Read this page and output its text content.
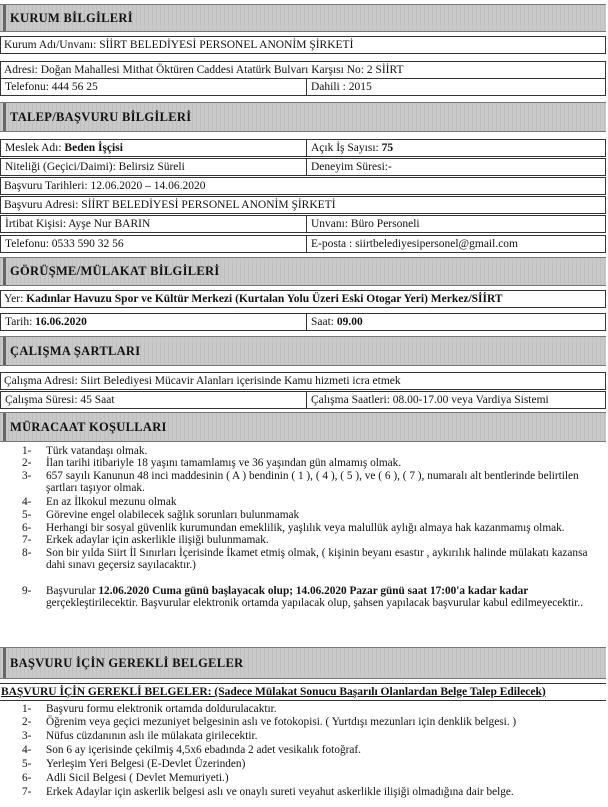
KURUM BİLGİLERİ
Kurum Adı/Unvanı: SİİRT BELEDİYESİ PERSONEL ANONİM ŞİRKETİ
Adresi: Doğan Mahallesi Mithat Öktüren Caddesi Atatürk Bulvarı Karşısı No: 2 SİİRT
Telefonu: 444 56 25	Dahili : 2015
TALEP/BAŞVURU BİLGİLERİ
Meslek Adı: Beden İşçisi	Açık İş Sayısı: 75
Niteliği (Geçici/Daimi): Belirsiz Süreli	Deneyim Süresi:-
Başvuru Tarihleri: 12.06.2020 – 14.06.2020
Başvuru Adresi: SİİRT BELEDİYESİ PERSONEL ANONİM ŞİRKETİ
İrtibat Kişisi: Ayşe Nur BARIN	Unvanı: Büro Personeli
Telefonu: 0533 590 32 56	E-posta : siirtbelediyesipersonel@gmail.com
GÖRÜŞME/MÜLAKAT BİLGİLERİ
Yer: Kadınlar Havuzu Spor ve Kültür Merkezi (Kurtalan Yolu Üzeri Eski Otogar Yeri) Merkez/SİİRT
Tarih: 16.06.2020	Saat: 09.00
ÇALIŞMA ŞARTLARI
Çalışma Adresi: Siirt Belediyesi Mücavir Alanları içerisinde Kamu hizmeti icra etmek
Çalışma Süresi: 45 Saat	Çalışma Saatleri: 08.00-17.00 veya Vardiya Sistemi
MÜRACAAT KOŞULLARI
1- Türk vatandaşı olmak.
2- İlan tarihi itibariyle 18 yaşını tamamlamış ve 36 yaşından gün almamış olmak.
3- 657 sayılı Kanunun 48 inci maddesinin ( A ) bendinin ( 1 ), ( 4 ), ( 5 ), ve ( 6 ), ( 7 ), numaralı alt bentlerinde belirtilen şartları taşıyor olmak.
4- En az İlkokul mezunu olmak
5- Görevine engel olabilecek sağlık sorunları bulunmamak
6- Herhangi bir sosyal güvenlik kurumundan emeklilik, yaşlılık veya malullük aylığı almaya hak kazanmamış olmak.
7- Erkek adaylar için askerlikle ilişiği bulunmamak.
8- Son bir yılda Siirt İl Sınırları İçerisinde İkamet etmiş olmak, ( kişinin beyanı esastır , aykırılık halinde mülakatı kazansa dahi sınavı geçersiz sayılacaktır.)
9- Başvurular 12.06.2020 Cuma günü başlayacak olup; 14.06.2020 Pazar günü saat 17:00'a kadar kadar gerçekleştirilecektir. Başvurular elektronik ortamda yapılacak olup, şahsen yapılacak başvurular kabul edilmeyecektir..
BAŞVURU İÇİN GEREKLİ BELGELER
BAŞVURU İÇİN GEREKLİ BELGELER: (Sadece Mülakat Sonucu Başarılı Olanlardan Belge Talep Edilecek)
1- Başvuru formu elektronik ortamda doldurulacaktır.
2- Öğrenim veya geçici mezuniyet belgesinin aslı ve fotokopisi. ( Yurtdışı mezunları için denklik belgesi. )
3- Nüfus cüzdanının aslı ile mülakata girilecektir.
4- Son 6 ay içerisinde çekilmiş 4,5x6 ebadında 2 adet vesikalık fotoğraf.
5- Yerleşim Yeri Belgesi (E-Devlet Üzerinden)
6- Adli Sicil Belgesi ( Devlet Memuriyeti.)
7- Erkek Adaylar için askerlik belgesi aslı ve onaylı sureti veyahut askerlikle ilişiği olmadığına dair belge.
